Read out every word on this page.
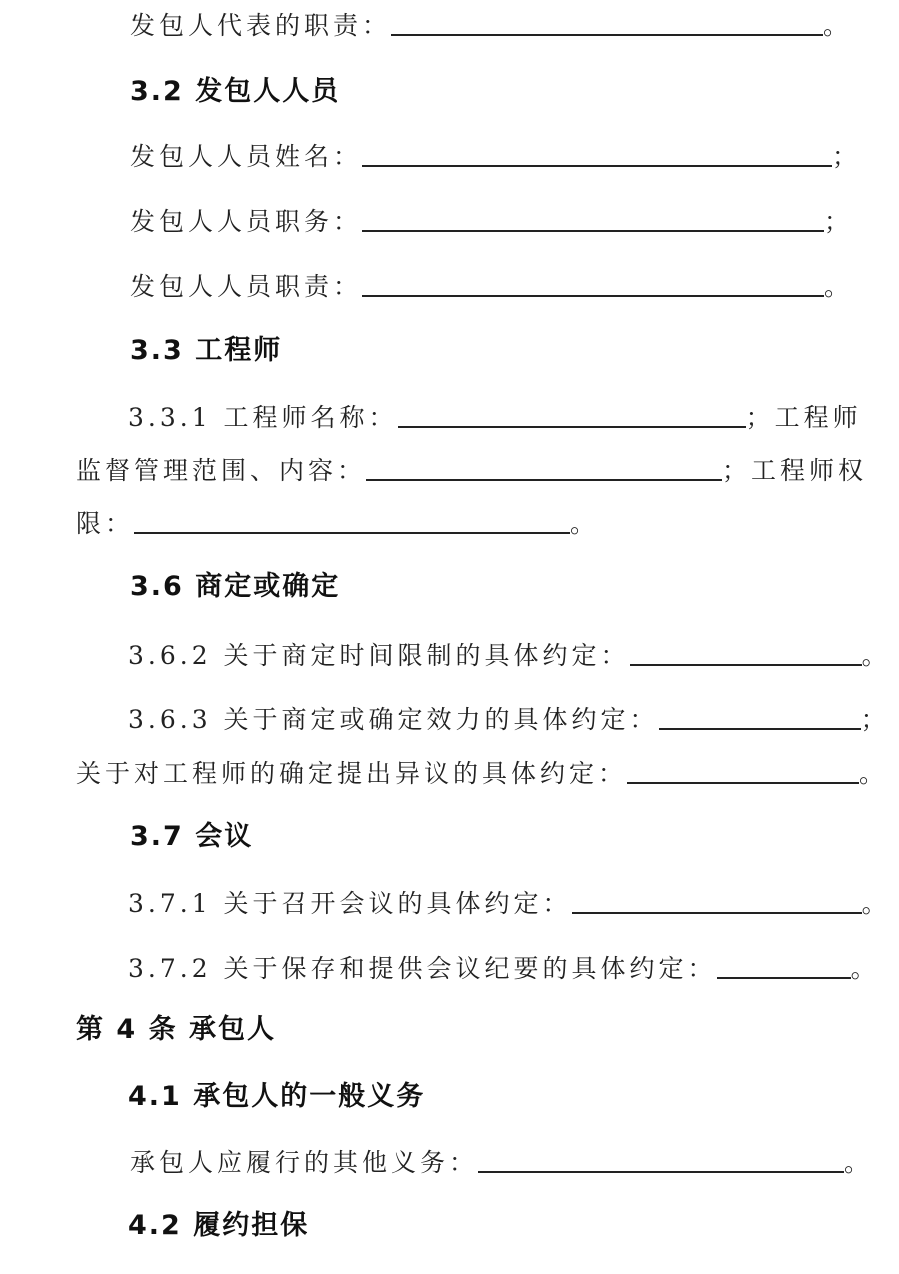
发包人代表的职责：	。
3.2 发包人人员
发包人人员姓名：	；
发包人人员职务：	；
发包人人员职责：	。
3.3 工程师
3.3.1 工程师名称：	；工程师
监督管理范围、内容：	；工程师权
限：	。
3.6 商定或确定
3.6.2 关于商定时间限制的具体约定：	。
3.6.3 关于商定或确定效力的具体约定：	；
关于对工程师的确定提出异议的具体约定：	。
3.7 会议
3.7.1 关于召开会议的具体约定：	。
3.7.2 关于保存和提供会议纪要的具体约定：	。
第 4 条 承包人
4.1 承包人的一般义务
承包人应履行的其他义务：	。
4.2 履约担保
